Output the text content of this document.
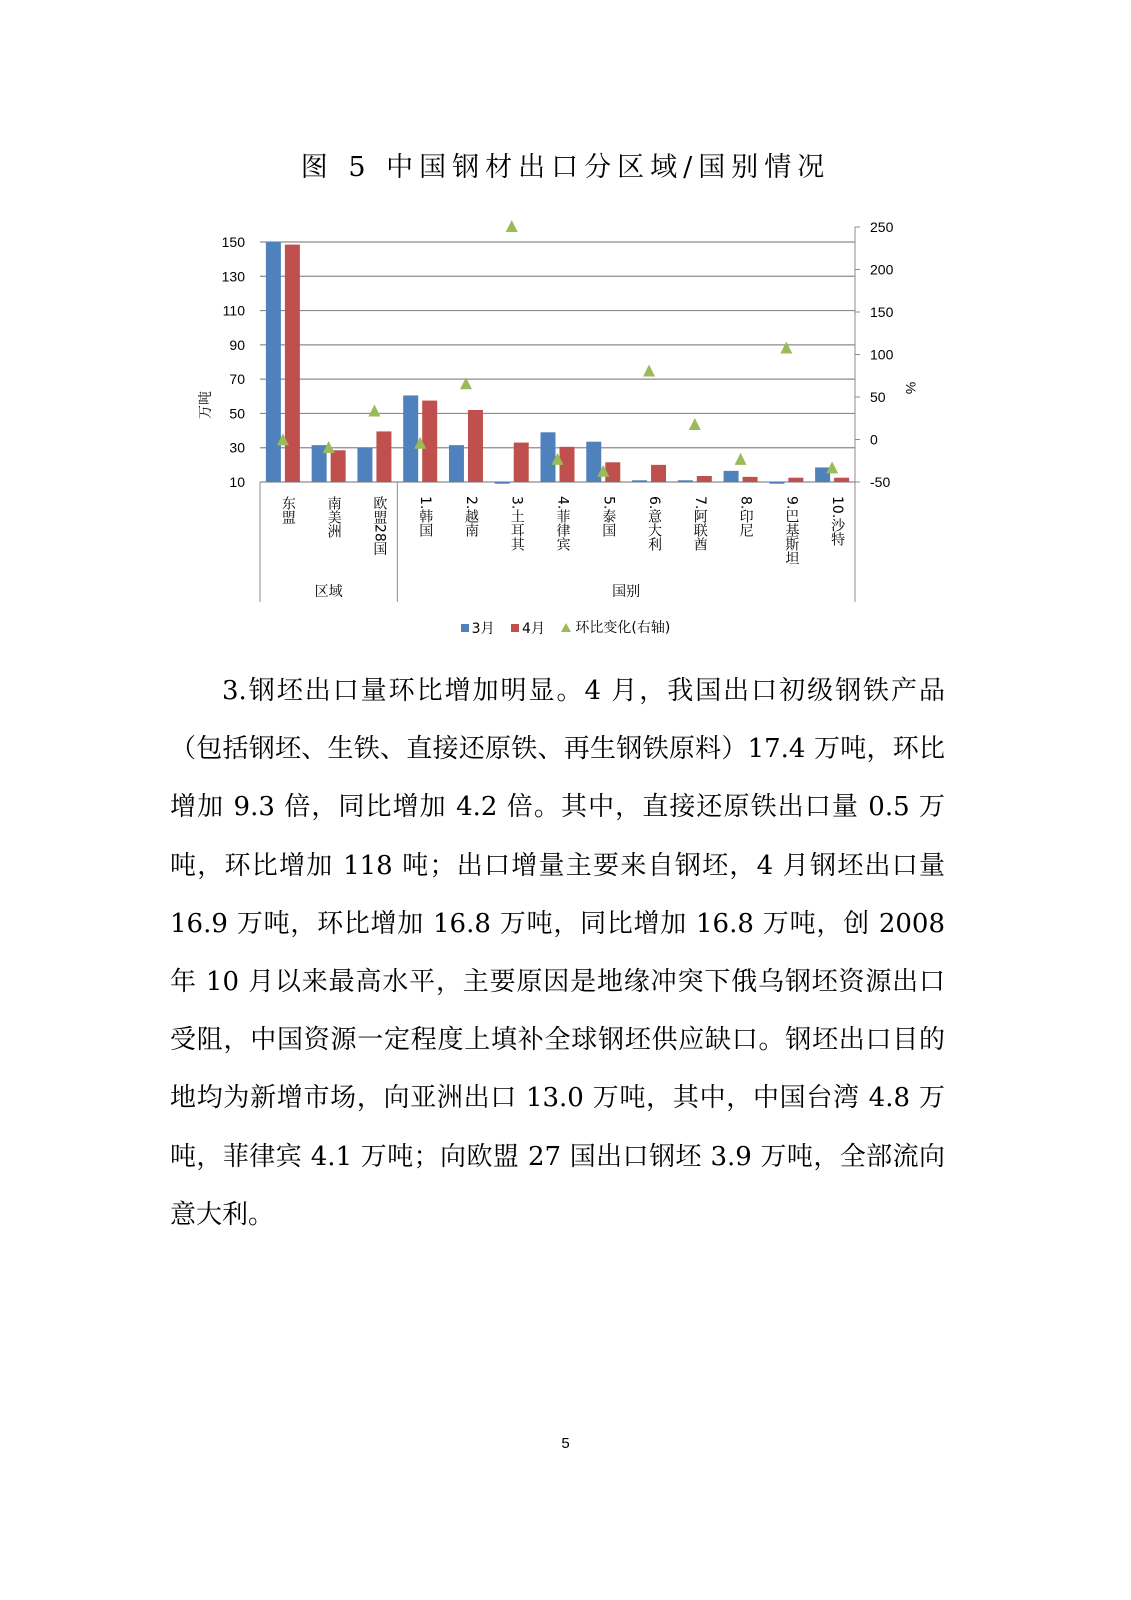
图 5 中国钢材出口分区域/国别情况
10
30
50
70
90
110
130
150
-50
0
50
100
150
200
250
万吨
%
区域	国别
东盟 南美洲 欧盟28国 1.韩国 2.越南 3.土耳其 4.菲律宾 5.泰国 6.意大利 7.阿联酋 8.印尼 9.巴基斯坦 10.沙特
3月
4月
环比变化(右轴)

3.钢坯出口量环比增加明显。4 月，我国出口初级钢铁产品（包括钢坯、生铁、直接还原铁、再生钢铁原料）17.4 万吨，环比增加 9.3 倍，同比增加 4.2 倍。其中，直接还原铁出口量 0.5 万吨，环比增加 118 吨；出口增量主要来自钢坯，4 月钢坯出口量 16.9 万吨，环比增加 16.8 万吨，同比增加 16.8 万吨，创 2008 年 10 月以来最高水平，主要原因是地缘冲突下俄乌钢坯资源出口受阻，中国资源一定程度上填补全球钢坯供应缺口。钢坯出口目的地均为新增市场，向亚洲出口 13.0 万吨，其中，中国台湾 4.8 万吨，菲律宾 4.1 万吨；向欧盟 27 国出口钢坯 3.9 万吨，全部流向意大利。

5
